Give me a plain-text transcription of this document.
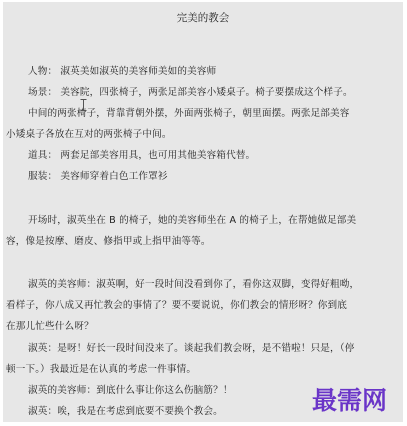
完美的教会
人物： 淑英美如淑英的美容师美如的美容师
场景： 美容院，四张椅子，两张足部美容小矮桌子。椅子要摆成这个样子。
中间的两张椅子，背靠背朝外摆，外面两张椅子，朝里面摆。两张足部美容
小矮桌子各放在互对的两张椅子中间。
道具： 两套足部美容用具，也可用其他美容箱代替。
服装： 美容师穿着白色工作罩衫
开场时，淑英坐在 B 的椅子，她的美容师坐在 A 的椅子上，在帮她做足部美
容，像是按摩、磨皮、修指甲或上指甲油等等。
淑英的美容师：淑英啊，好一段时间没看到你了，看你这双脚，变得好粗呦，
看样子，你八成又再忙教会的事情了？要不要说说，你们教会的情形呀？你到底
在那儿忙些什么呀？
淑英：是呀！好长一段时间没来了。谈起我们教会呀，是不错啦！只是，（停
顿一下。）我最近是在认真的考虑一件事情。
淑英的美容师：到底什么事让你这么伤脑筋？！
淑英：唉，我是在考虑到底要不要换个教会。	最需网
